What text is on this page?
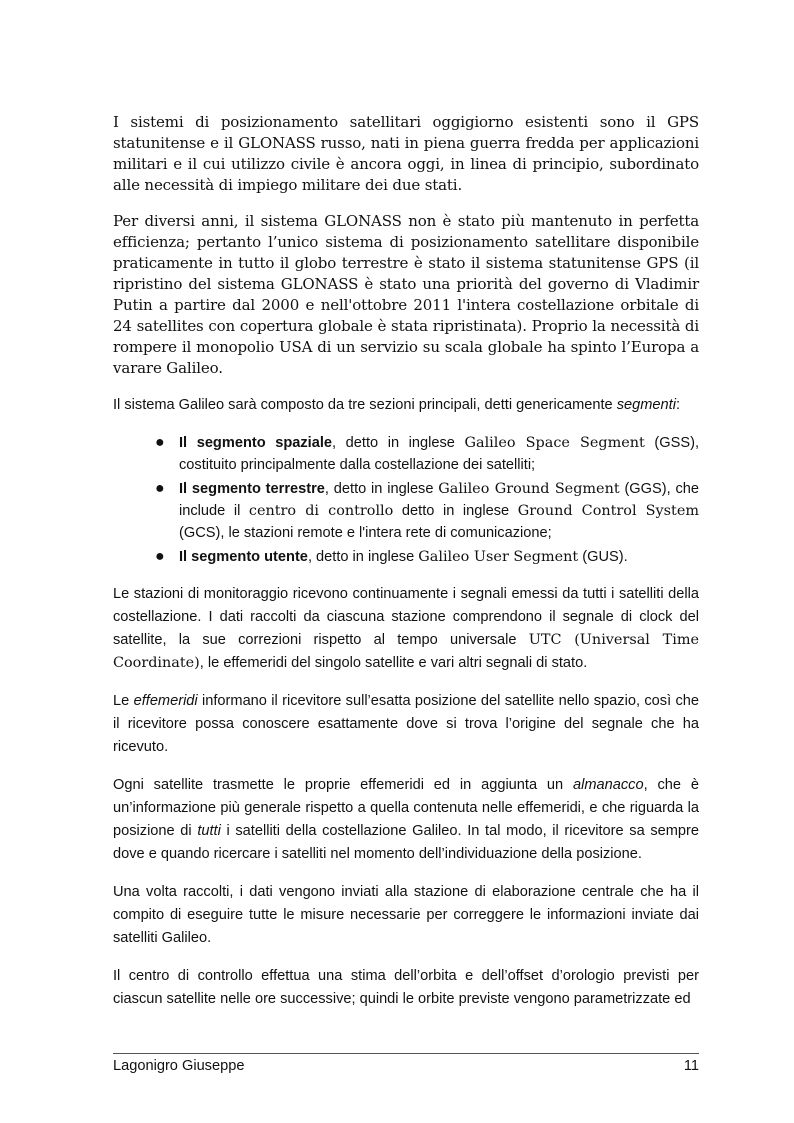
I sistemi di posizionamento satellitari oggigiorno esistenti sono il GPS statunitense e il GLONASS russo, nati in piena guerra fredda per applicazioni militari e il cui utilizzo civile è ancora oggi, in linea di principio, subordinato alle necessità di impiego militare dei due stati.

Per diversi anni, il sistema GLONASS non è stato più mantenuto in perfetta efficienza; pertanto l’unico sistema di posizionamento satellitare disponibile praticamente in tutto il globo terrestre è stato il sistema statunitense GPS (il ripristino del sistema GLONASS è stato una priorità del governo di Vladimir Putin a partire dal 2000 e nell'ottobre 2011 l'intera costellazione orbitale di 24 satellites con copertura globale è stata ripristinata). Proprio la necessità di rompere il monopolio USA di un servizio su scala globale ha spinto l’Europa a varare Galileo.

Il sistema Galileo sarà composto da tre sezioni principali, detti genericamente segmenti:

● Il segmento spaziale, detto in inglese Galileo Space Segment (GSS), costituito principalmente dalla costellazione dei satelliti;
● Il segmento terrestre, detto in inglese Galileo Ground Segment (GGS), che include il centro di controllo detto in inglese Ground Control System (GCS), le stazioni remote e l'intera rete di comunicazione;
● Il segmento utente, detto in inglese Galileo User Segment (GUS).

Le stazioni di monitoraggio ricevono continuamente i segnali emessi da tutti i satelliti della costellazione. I dati raccolti da ciascuna stazione comprendono il segnale di clock del satellite, la sue correzioni rispetto al tempo universale UTC (Universal Time Coordinate), le effemeridi del singolo satellite e vari altri segnali di stato.

Le effemeridi informano il ricevitore sull’esatta posizione del satellite nello spazio, così che il ricevitore possa conoscere esattamente dove si trova l’origine del segnale che ha ricevuto.

Ogni satellite trasmette le proprie effemeridi ed in aggiunta un almanacco, che è un’informazione più generale rispetto a quella contenuta nelle effemeridi, e che riguarda la posizione di tutti i satelliti della costellazione Galileo. In tal modo, il ricevitore sa sempre dove e quando ricercare i satelliti nel momento dell’individuazione della posizione.

Una volta raccolti, i dati vengono inviati alla stazione di elaborazione centrale che ha il compito di eseguire tutte le misure necessarie per correggere le informazioni inviate dai satelliti Galileo.

Il centro di controllo effettua una stima dell’orbita e dell’offset d’orologio previsti per ciascun satellite nelle ore successive; quindi le orbite previste vengono parametrizzate ed

Lagonigro Giuseppe	11
